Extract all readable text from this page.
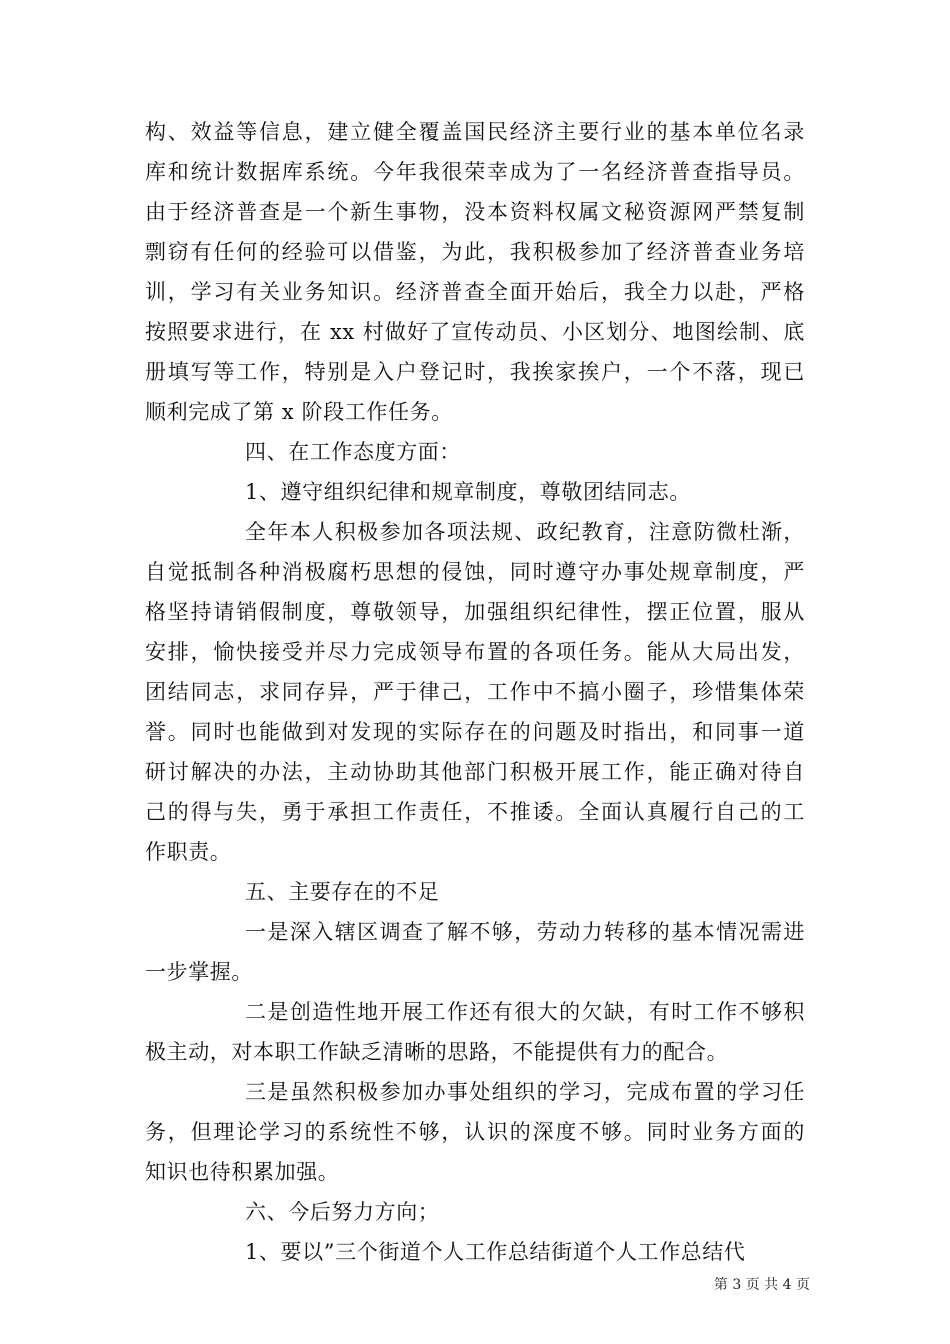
构、效益等信息，建立健全覆盖国民经济主要行业的基本单位名录
库和统计数据库系统。今年我很荣幸成为了一名经济普查指导员。
由于经济普查是一个新生事物，没本资料权属文秘资源网严禁复制
剽窃有任何的经验可以借鉴，为此，我积极参加了经济普查业务培
训，学习有关业务知识。经济普查全面开始后，我全力以赴，严格
按照要求进行，在 xx 村做好了宣传动员、小区划分、地图绘制、底
册填写等工作，特别是入户登记时，我挨家挨户，一个不落，现已
顺利完成了第 x 阶段工作任务。
四、在工作态度方面：
1、遵守组织纪律和规章制度，尊敬团结同志。
全年本人积极参加各项法规、政纪教育，注意防微杜渐，
自觉抵制各种消极腐朽思想的侵蚀，同时遵守办事处规章制度，严
格坚持请销假制度，尊敬领导，加强组织纪律性，摆正位置，服从
安排，愉快接受并尽力完成领导布置的各项任务。能从大局出发，
团结同志，求同存异，严于律己，工作中不搞小圈子，珍惜集体荣
誉。同时也能做到对发现的实际存在的问题及时指出，和同事一道
研讨解决的办法，主动协助其他部门积极开展工作，能正确对待自
己的得与失，勇于承担工作责任，不推诿。全面认真履行自己的工
作职责。
五、主要存在的不足
一是深入辖区调查了解不够，劳动力转移的基本情况需进
一步掌握。
二是创造性地开展工作还有很大的欠缺，有时工作不够积
极主动，对本职工作缺乏清晰的思路，不能提供有力的配合。
三是虽然积极参加办事处组织的学习，完成布置的学习任
务，但理论学习的系统性不够，认识的深度不够。同时业务方面的
知识也待积累加强。
六、今后努力方向；
1、要以”三个街道个人工作总结街道个人工作总结代
第 3 页 共 4 页
